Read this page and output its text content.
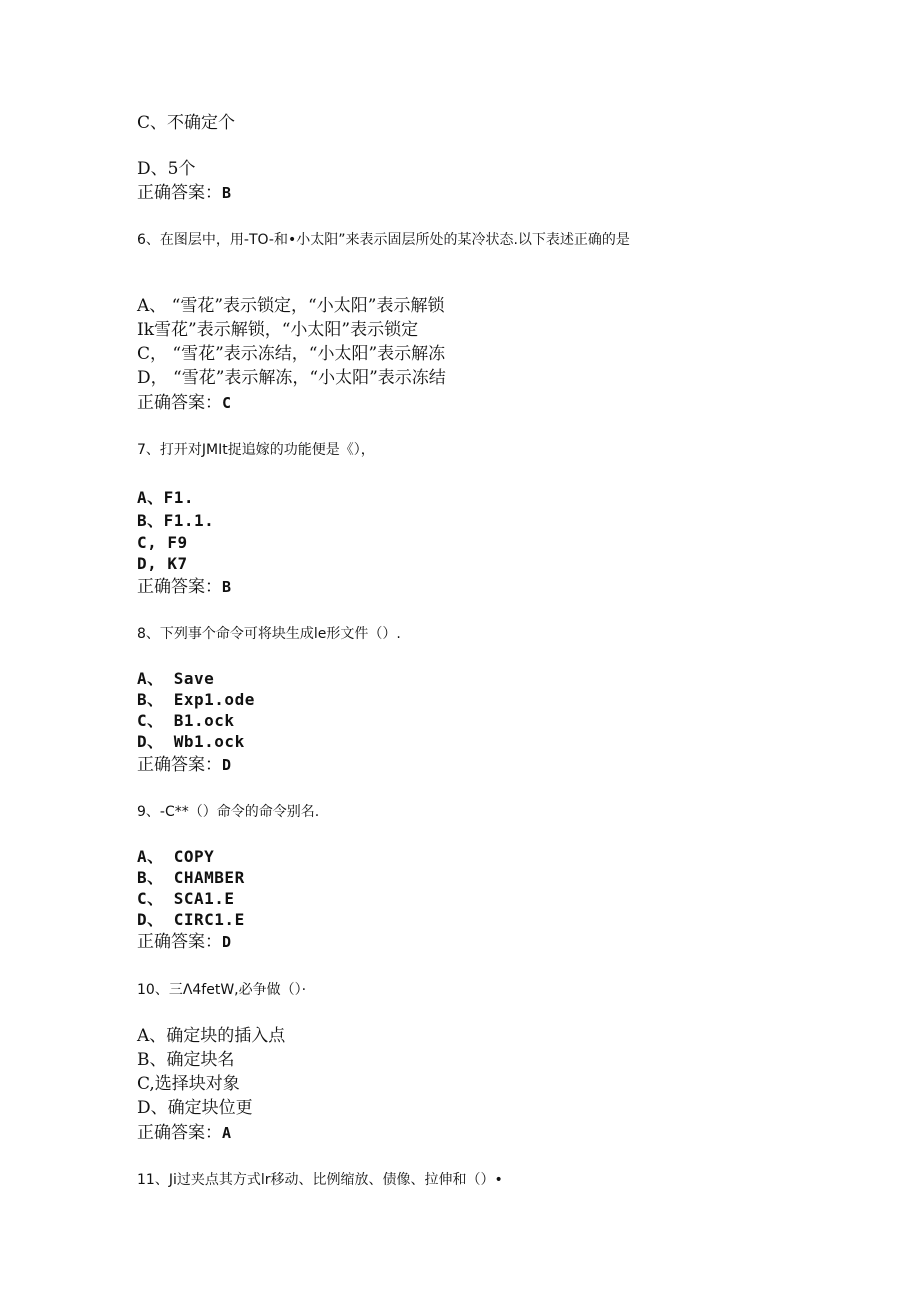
C、不确定个
D、5个
正确答案：B
6、在图层中，用-TO-和•小太阳”来表示固层所处的某冷状态.以下表述正确的是
A、 “雪花”表示锁定，“小太阳”表示解锁
Ik雪花”表示解锁，“小太阳”表示锁定
C， “雪花”表示冻结，“小太阳”表示解冻
D， “雪花”表示解冻，“小太阳”表示冻结
正确答案：C
7、打开对JMIt捉追嫁的功能便是《），
A、F1.
B、F1.1.
C, F9
D, K7
正确答案：B
8、下列事个命令可将块生成le形文件（）.
A、 Save
B、 Exp1.ode
C、 B1.ock
D、 Wb1.ock
正确答案：D
9、-C**（）命令的命令别名.
A、 COPY
B、 CHAMBER
C、 SCA1.E
D、 CIRC1.E
正确答案：D
10、三Λ4fetW,必争做（）·
A、确定块的插入点
B、确定块名
C,选择块对象
D、确定块位更
正确答案：A
11、Ji过夹点其方式lr移动、比例缩放、债像、拉伸和（）•
